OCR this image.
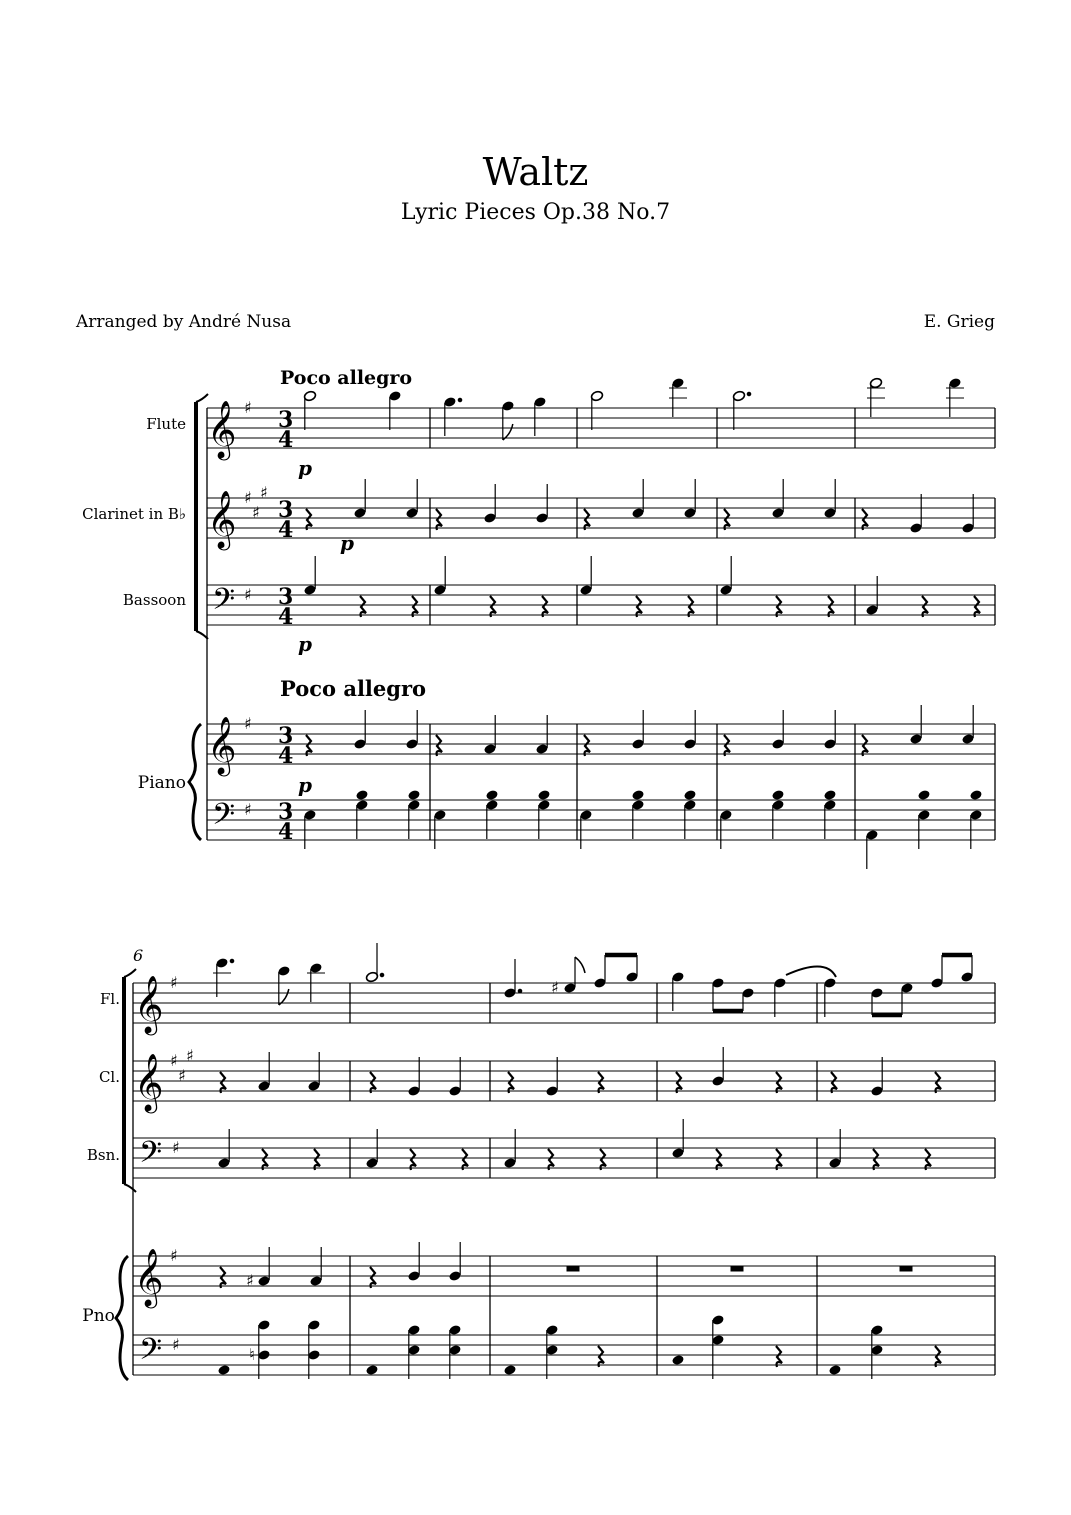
Waltz
Lyric Pieces Op.38 No.7
Arranged by André Nusa	E. Grieg
Poco allegro
Poco allegro
Flute
Clarinet in B♭
Bassoon
Piano
Fl.
Cl.
Bsn.
Pno.
6
𝄞 ♯ 3
4
𝄞 ♯
♯
♯
3
4
𝄢 ♯ 3
4
𝄞 ♯ 3
4
𝄢 ♯ 3
4
p
p
p
p
𝄞 ♯
𝄞 ♯
♯
♯
𝄢 ♯
𝄞 ♯
𝄢 ♯
♯
♯
♮
